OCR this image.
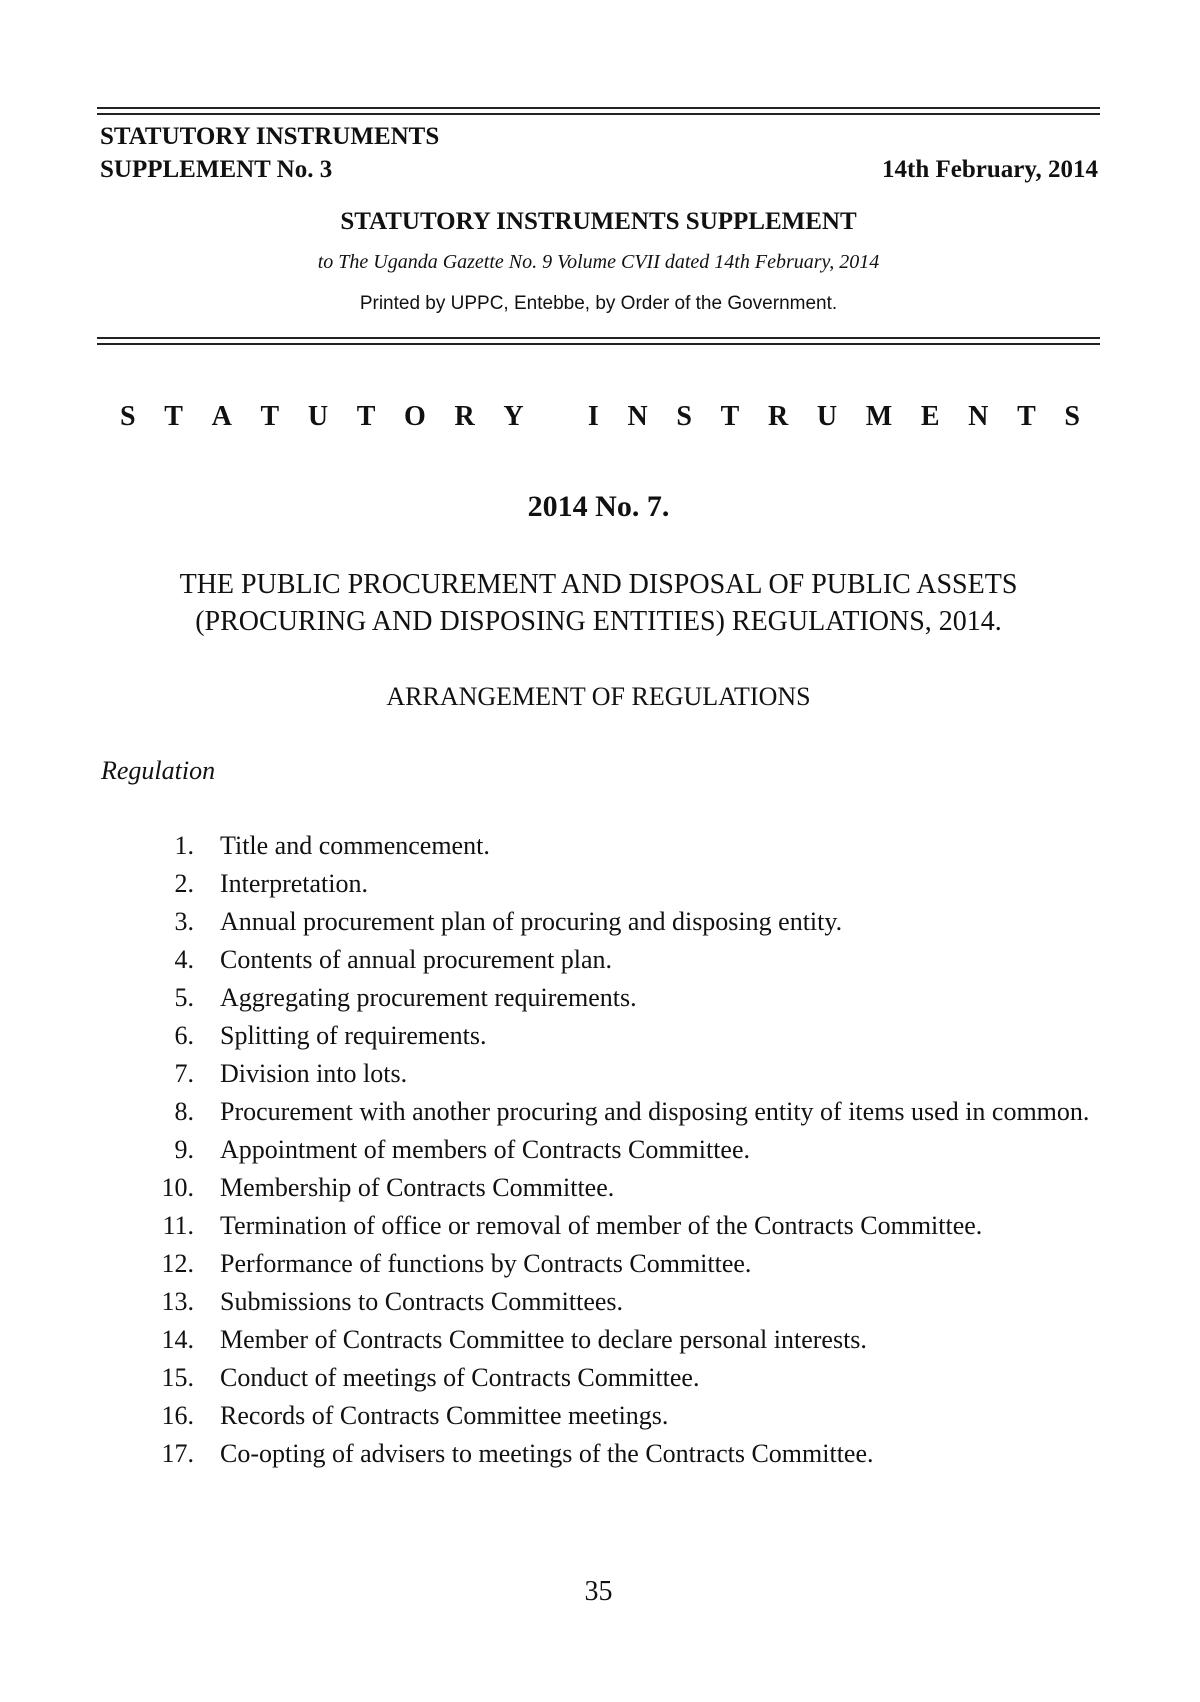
STATUTORY INSTRUMENTS
SUPPLEMENT No. 3	14th February, 2014
STATUTORY INSTRUMENTS SUPPLEMENT
to The Uganda Gazette No. 9 Volume CVII dated 14th February, 2014
Printed by UPPC, Entebbe, by Order of the Government.
S T A T U T O R Y
I N S T R U M E N T S
2014 No. 7.
THE PUBLIC PROCUREMENT AND DISPOSAL OF PUBLIC ASSETS
(PROCURING AND DISPOSING ENTITIES) REGULATIONS, 2014.
ARRANGEMENT OF REGULATIONS
Regulation
1. Title and commencement.
2. Interpretation.
3. Annual procurement plan of procuring and disposing entity.
4. Contents of annual procurement plan.
5. Aggregating procurement requirements.
6. Splitting of requirements.
7. Division into lots.
8. Procurement with another procuring and disposing entity of items used in common.
9. Appointment of members of Contracts Committee.
10. Membership of Contracts Committee.
11. Termination of office or removal of member of the Contracts Committee.
12. Performance of functions by Contracts Committee.
13. Submissions to Contracts Committees.
14. Member of Contracts Committee to declare personal interests.
15. Conduct of meetings of Contracts Committee.
16. Records of Contracts Committee meetings.
17. Co-opting of advisers to meetings of the Contracts Committee.
35
